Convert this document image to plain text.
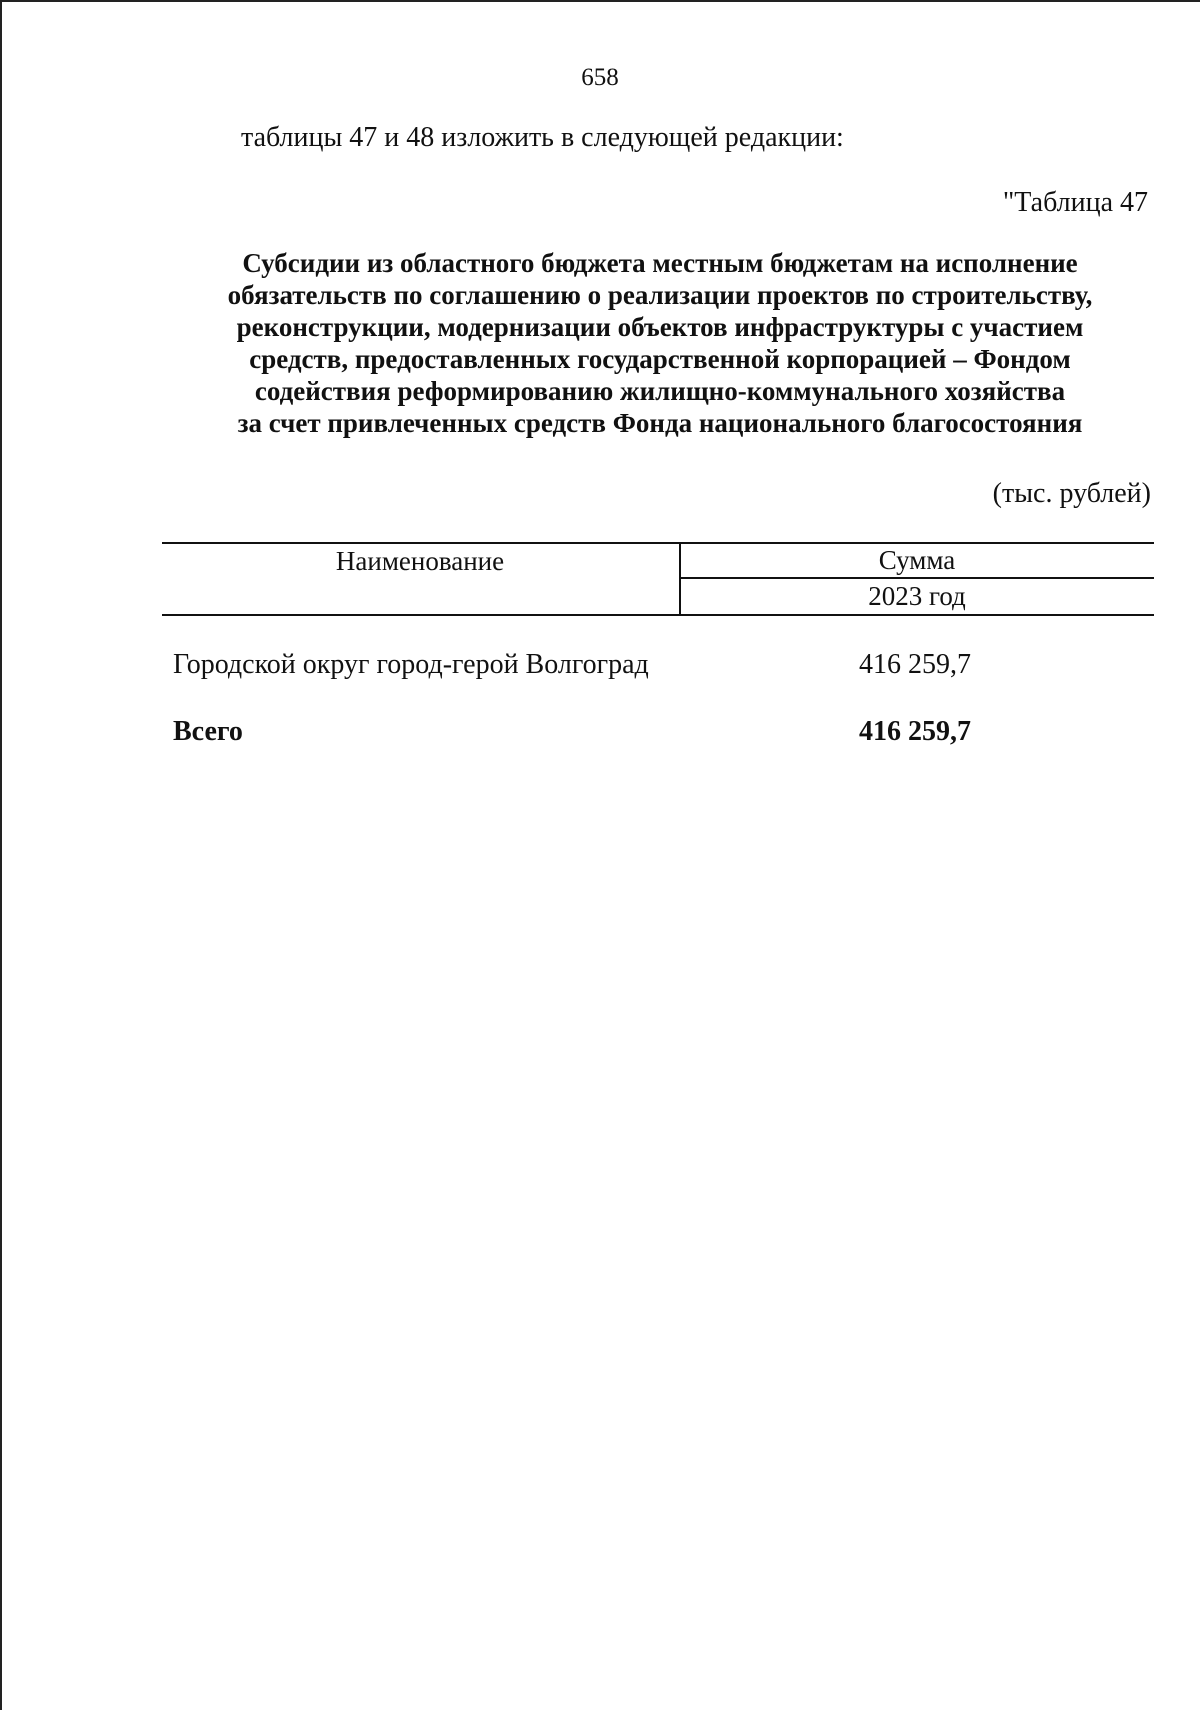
658
таблицы 47 и 48 изложить в следующей редакции:
"Таблица 47
Субсидии из областного бюджета местным бюджетам на исполнение
обязательств по соглашению о реализации проектов по строительству,
реконструкции, модернизации объектов инфраструктуры с участием
средств, предоставленных государственной корпорацией – Фондом
содействия реформированию жилищно-коммунального хозяйства
за счет привлеченных средств Фонда национального благосостояния
(тыс. рублей)
Наименование	Сумма
2023 год
Городской округ город-герой Волгоград	416 259,7
Всего	416 259,7
